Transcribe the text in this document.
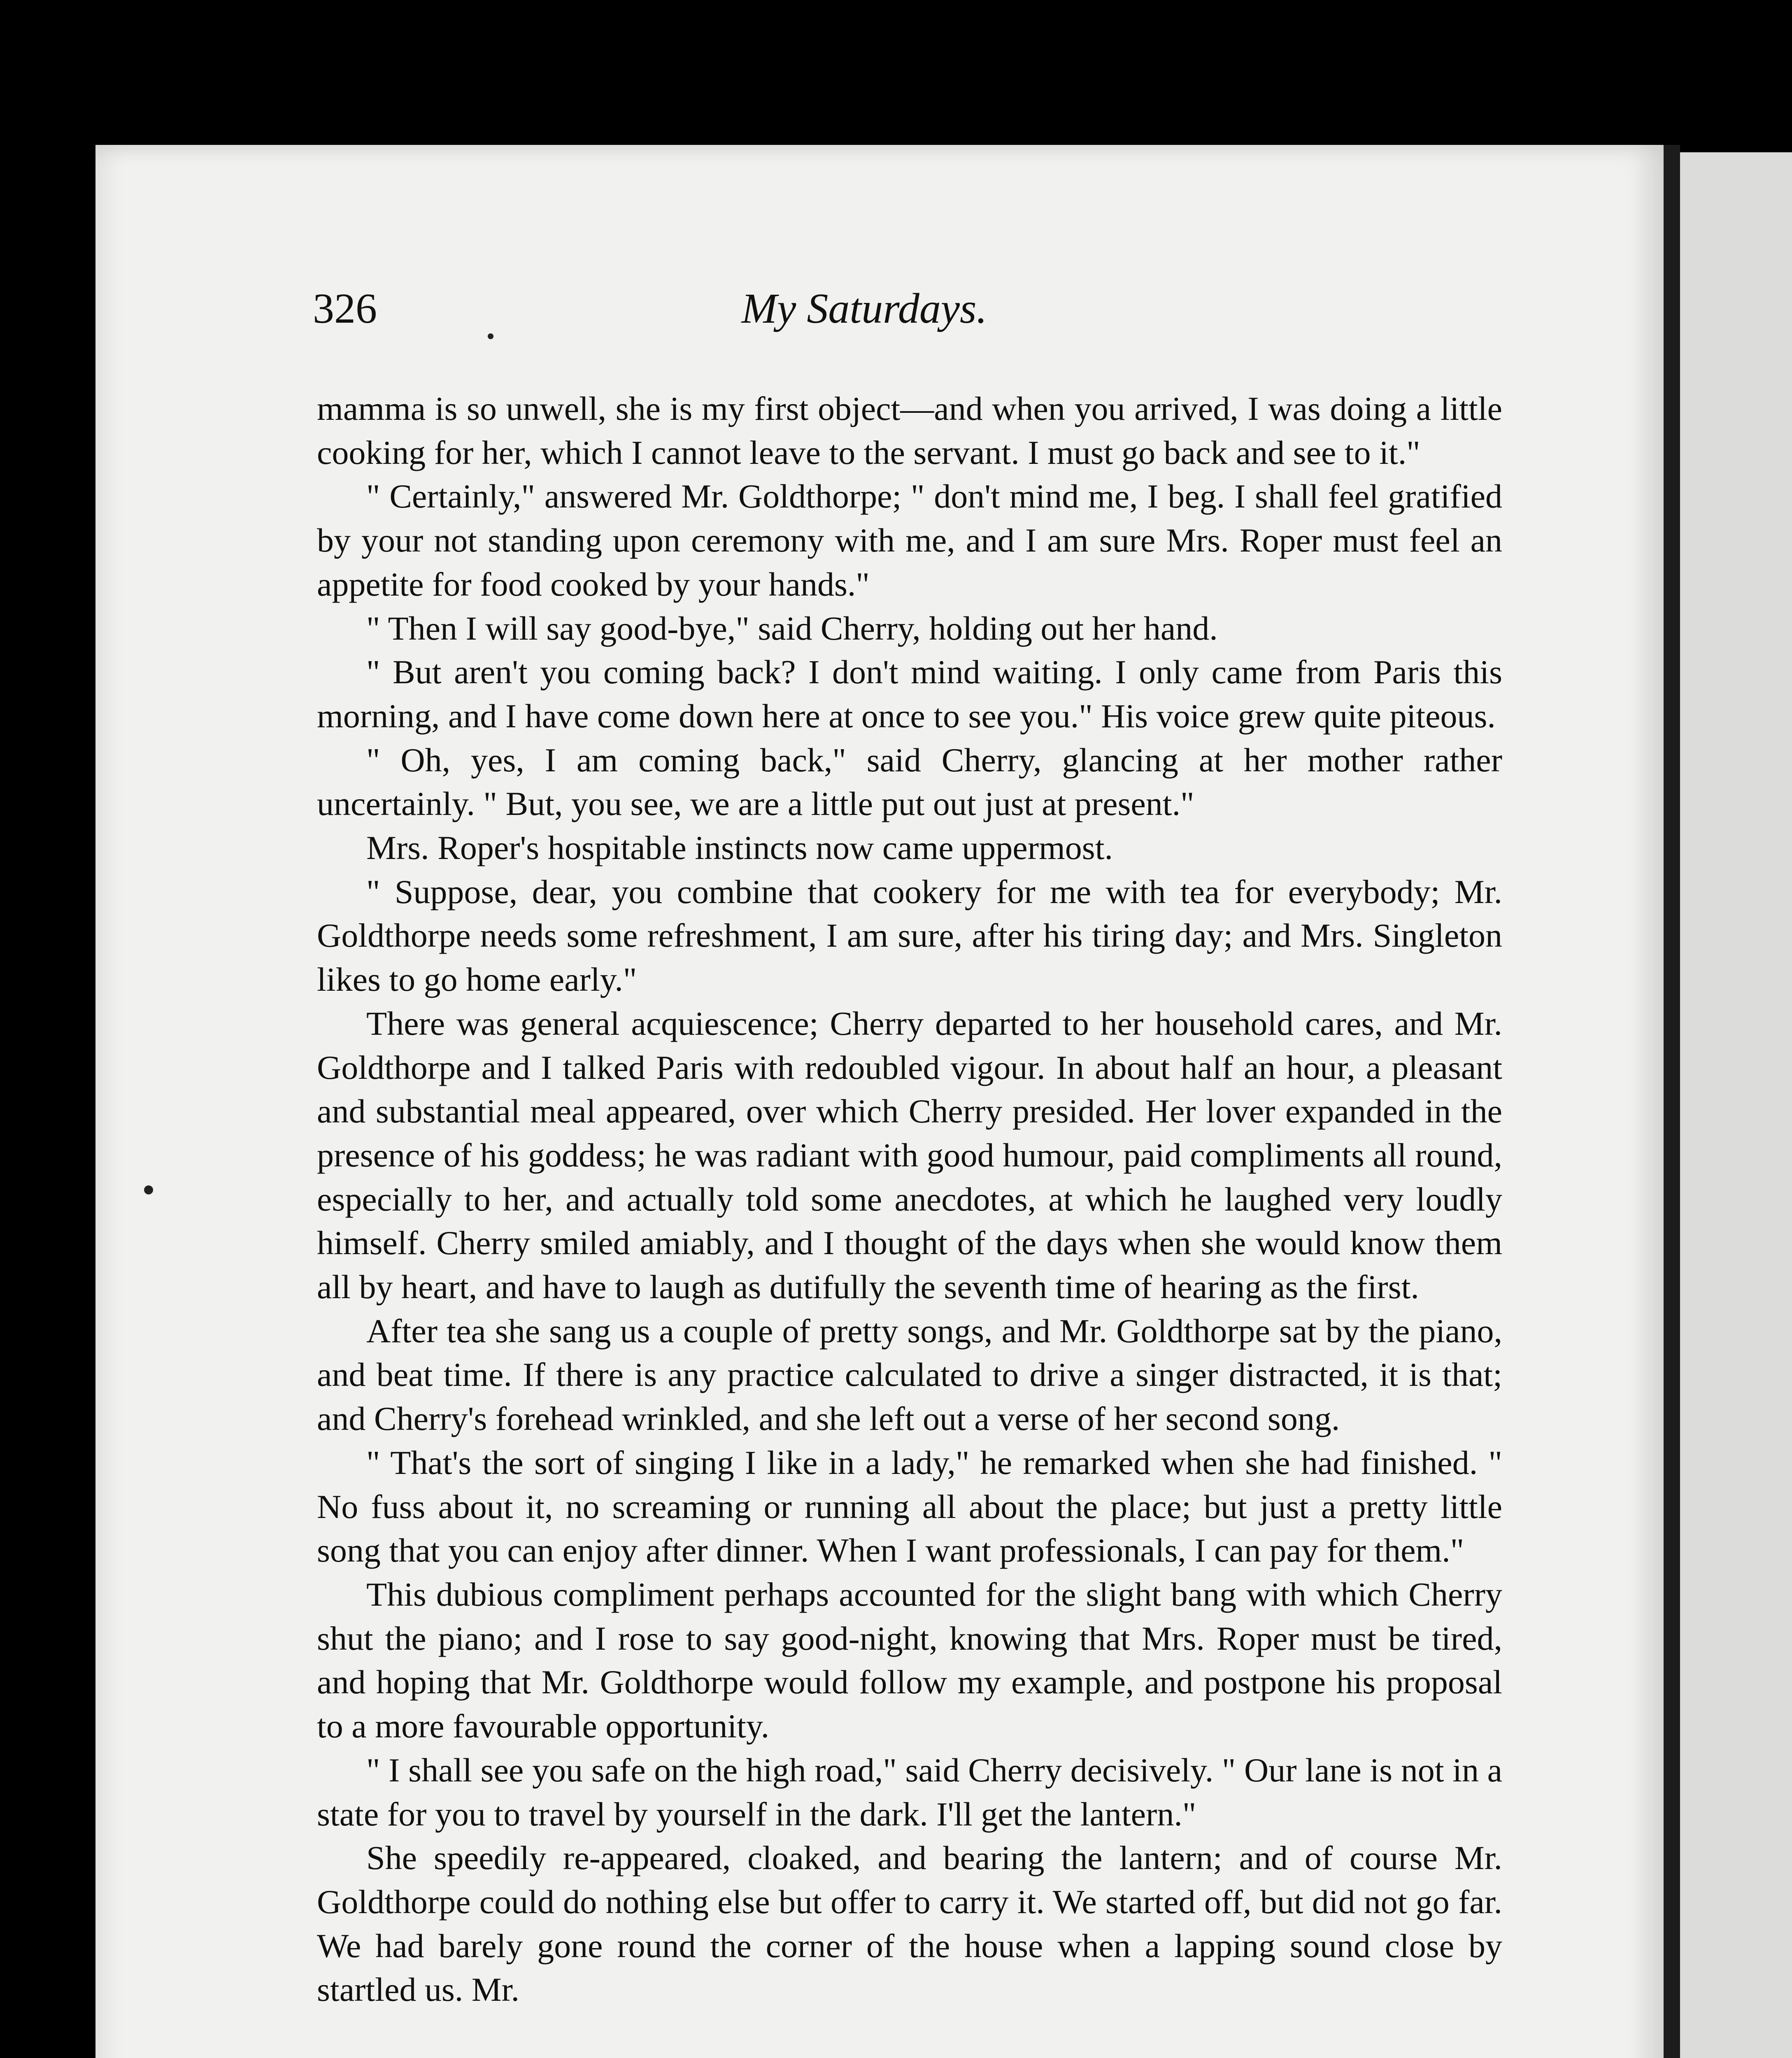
326	My Saturdays.

mamma is so unwell, she is my first object—and when you arrived, I was doing a little cooking for her, which I cannot leave to the servant. I must go back and see to it."

" Certainly," answered Mr. Goldthorpe; " don't mind me, I beg. I shall feel gratified by your not standing upon ceremony with me, and I am sure Mrs. Roper must feel an appetite for food cooked by your hands."

" Then I will say good-bye," said Cherry, holding out her hand.

" But aren't you coming back? I don't mind waiting. I only came from Paris this morning, and I have come down here at once to see you." His voice grew quite piteous.

" Oh, yes, I am coming back," said Cherry, glancing at her mother rather uncertainly. " But, you see, we are a little put out just at present."

Mrs. Roper's hospitable instincts now came uppermost.

" Suppose, dear, you combine that cookery for me with tea for everybody; Mr. Goldthorpe needs some refreshment, I am sure, after his tiring day; and Mrs. Singleton likes to go home early."

There was general acquiescence; Cherry departed to her household cares, and Mr. Goldthorpe and I talked Paris with redoubled vigour. In about half an hour, a pleasant and substantial meal appeared, over which Cherry presided. Her lover expanded in the presence of his goddess; he was radiant with good humour, paid compliments all round, especially to her, and actually told some anecdotes, at which he laughed very loudly himself. Cherry smiled amiably, and I thought of the days when she would know them all by heart, and have to laugh as dutifully the seventh time of hearing as the first.

After tea she sang us a couple of pretty songs, and Mr. Goldthorpe sat by the piano, and beat time. If there is any practice calculated to drive a singer distracted, it is that; and Cherry's forehead wrinkled, and she left out a verse of her second song.

" That's the sort of singing I like in a lady," he remarked when she had finished. " No fuss about it, no screaming or running all about the place; but just a pretty little song that you can enjoy after dinner. When I want professionals, I can pay for them."

This dubious compliment perhaps accounted for the slight bang with which Cherry shut the piano; and I rose to say good-night, knowing that Mrs. Roper must be tired, and hoping that Mr. Goldthorpe would follow my example, and postpone his proposal to a more favourable opportunity.

" I shall see you safe on the high road," said Cherry decisively. " Our lane is not in a state for you to travel by yourself in the dark. I'll get the lantern."

She speedily re-appeared, cloaked, and bearing the lantern; and of course Mr. Goldthorpe could do nothing else but offer to carry it. We started off, but did not go far. We had barely gone round the corner of the house when a lapping sound close by startled us. Mr.
